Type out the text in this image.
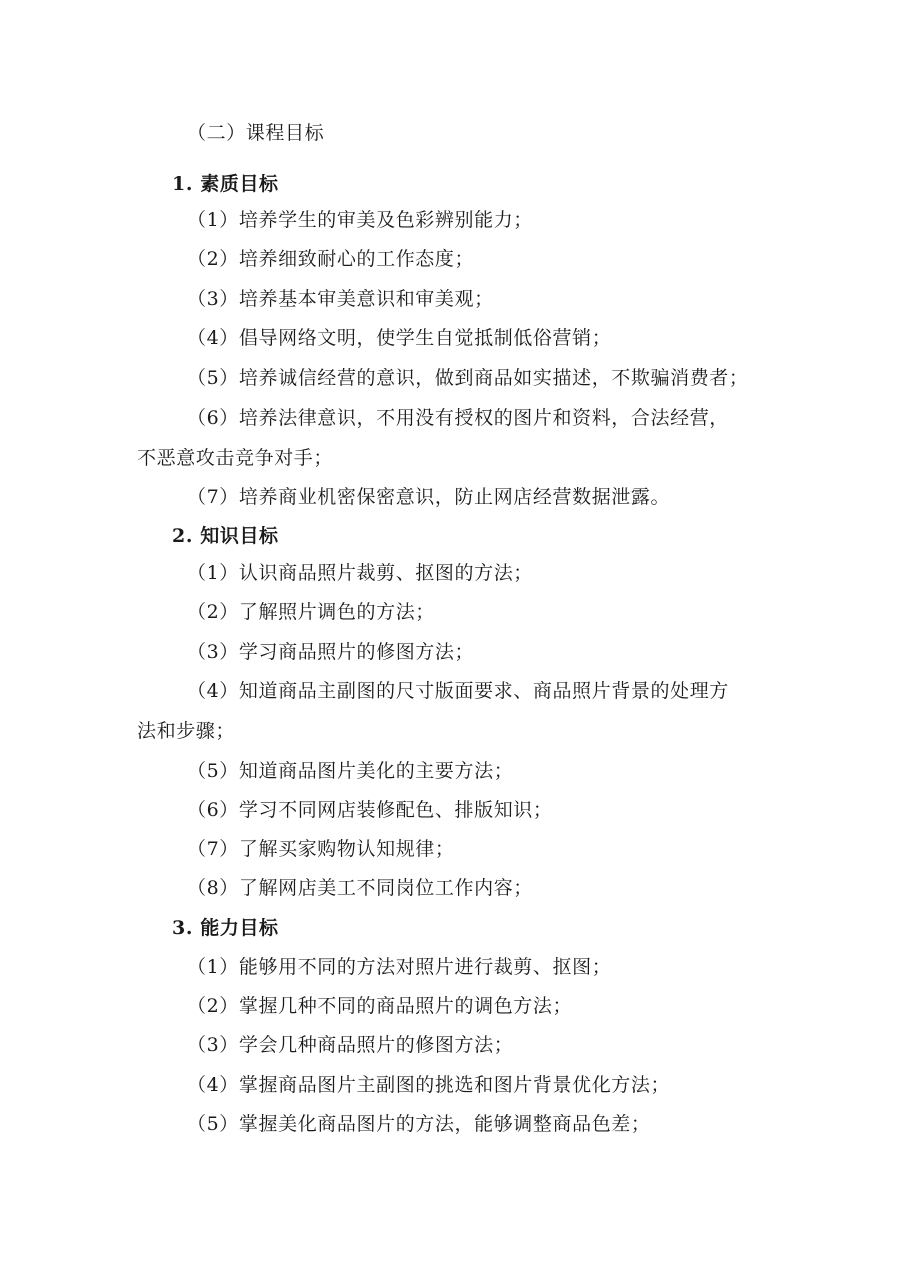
（二）课程目标
1. 素质目标
（1）培养学生的审美及色彩辨别能力；
（2）培养细致耐心的工作态度；
（3）培养基本审美意识和审美观；
（4）倡导网络文明，使学生自觉抵制低俗营销；
（5）培养诚信经营的意识，做到商品如实描述，不欺骗消费者；
（6）培养法律意识，不用没有授权的图片和资料，合法经营，
不恶意攻击竞争对手；
（7）培养商业机密保密意识，防止网店经营数据泄露。
2. 知识目标
（1）认识商品照片裁剪、抠图的方法；
（2）了解照片调色的方法；
（3）学习商品照片的修图方法；
（4）知道商品主副图的尺寸版面要求、商品照片背景的处理方
法和步骤；
（5）知道商品图片美化的主要方法；
（6）学习不同网店装修配色、排版知识；
（7）了解买家购物认知规律；
（8）了解网店美工不同岗位工作内容；
3. 能力目标
（1）能够用不同的方法对照片进行裁剪、抠图；
（2）掌握几种不同的商品照片的调色方法；
（3）学会几种商品照片的修图方法；
（4）掌握商品图片主副图的挑选和图片背景优化方法；
（5）掌握美化商品图片的方法，能够调整商品色差；
